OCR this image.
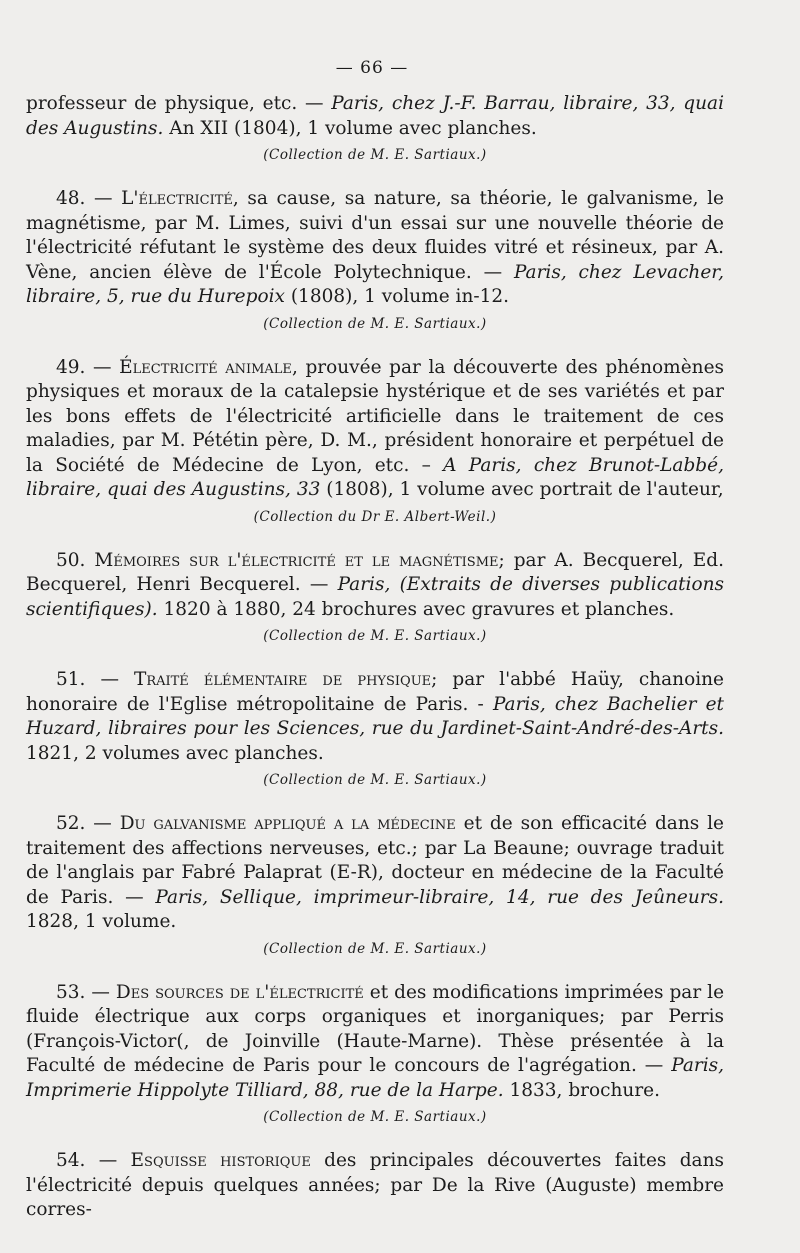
— 66 —

professeur de physique, etc. — Paris, chez J.-F. Barrau, libraire, 33, quai des Augustins. An XII (1804), 1 volume avec planches.

(Collection de M. E. Sartiaux.)

48. — L'électricité, sa cause, sa nature, sa théorie, le galvanisme, le magnétisme, par M. Limes, suivi d'un essai sur une nouvelle théorie de l'électricité réfutant le système des deux fluides vitré et résineux, par A. Vène, ancien élève de l'École Polytechnique. — Paris, chez Levacher, libraire, 5, rue du Hurepoix (1808), 1 volume in-12.

(Collection de M. E. Sartiaux.)

49. — Électricité animale, prouvée par la découverte des phénomènes physiques et moraux de la catalepsie hystérique et de ses variétés et par les bons effets de l'électricité artificielle dans le traitement de ces maladies, par M. Pététin père, D. M., président honoraire et perpétuel de la Société de Médecine de Lyon, etc. – A Paris, chez Brunot-Labbé, libraire, quai des Augustins, 33 (1808), 1 volume avec portrait de l'auteur,

(Collection du Dr E. Albert-Weil.)

50. Mémoires sur l'électricité et le magnétisme; par A. Becquerel, Ed. Becquerel, Henri Becquerel. — Paris, (Extraits de diverses publications scientifiques). 1820 à 1880, 24 brochures avec gravures et planches.

(Collection de M. E. Sartiaux.)

51. — Traité élémentaire de physique; par l'abbé Haüy, chanoine honoraire de l'Eglise métropolitaine de Paris. - Paris, chez Bachelier et Huzard, libraires pour les Sciences, rue du Jardinet-Saint-André-des-Arts. 1821, 2 volumes avec planches.

(Collection de M. E. Sartiaux.)

52. — Du galvanisme appliqué a la médecine et de son efficacité dans le traitement des affections nerveuses, etc.; par La Beaune; ouvrage traduit de l'anglais par Fabré Palaprat (E-R), docteur en médecine de la Faculté de Paris. — Paris, Sellique, imprimeur-libraire, 14, rue des Jeûneurs. 1828, 1 volume.

(Collection de M. E. Sartiaux.)

53. — Des sources de l'électricité et des modifications imprimées par le fluide électrique aux corps organiques et inorganiques; par Perris (François-Victor(, de Joinville (Haute-Marne). Thèse présentée à la Faculté de médecine de Paris pour le concours de l'agrégation. — Paris, Imprimerie Hippolyte Tilliard, 88, rue de la Harpe. 1833, brochure.

(Collection de M. E. Sartiaux.)

54. — Esquisse historique des principales découvertes faites dans l'électricité depuis quelques années; par De la Rive (Auguste) membre corres-
